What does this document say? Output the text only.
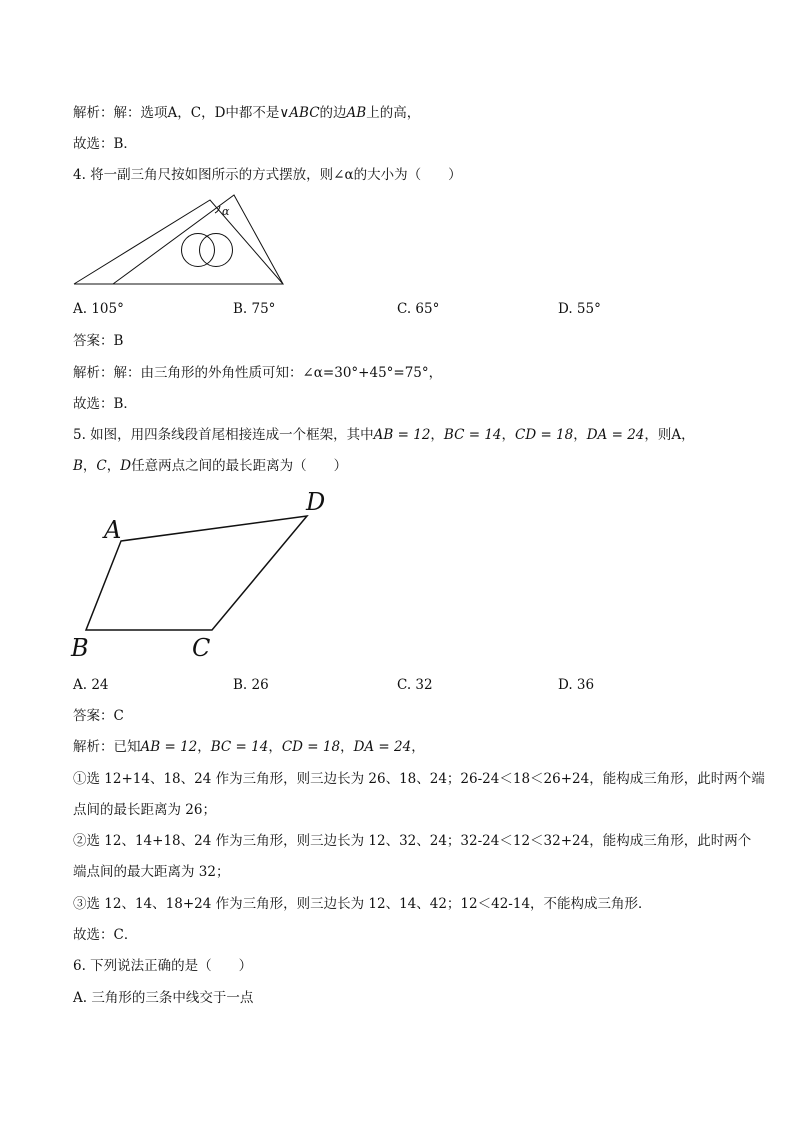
解析：解：选项A，C，D中都不是∨ABC的边AB上的高，
故选：B．
4. 将一副三角尺按如图所示的方式摆放，则∠α的大小为（　　）
α
A. 105°	B. 75°	C. 65°	D. 55°
答案：B
解析：解：由三角形的外角性质可知：∠α=30°+45°=75°，
故选：B．
5. 如图，用四条线段首尾相接连成一个框架，其中AB = 12，BC = 14，CD = 18，DA = 24，则A，
B，C，D任意两点之间的最长距离为（　　）
A
B	C
D
A. 24	B. 26	C. 32	D. 36
答案：C
解析：已知AB = 12，BC = 14，CD = 18，DA = 24，
①选 12+14、18、24 作为三角形，则三边长为 26、18、24；26-24＜18＜26+24，能构成三角形，此时两个端
点间的最长距离为 26；
②选 12、14+18、24 作为三角形，则三边长为 12、32、24；32-24＜12＜32+24，能构成三角形，此时两个
端点间的最大距离为 32；
③选 12、14、18+24 作为三角形，则三边长为 12、14、42；12＜42-14，不能构成三角形．
故选：C．
6. 下列说法正确的是（　　）
A. 三角形的三条中线交于一点
